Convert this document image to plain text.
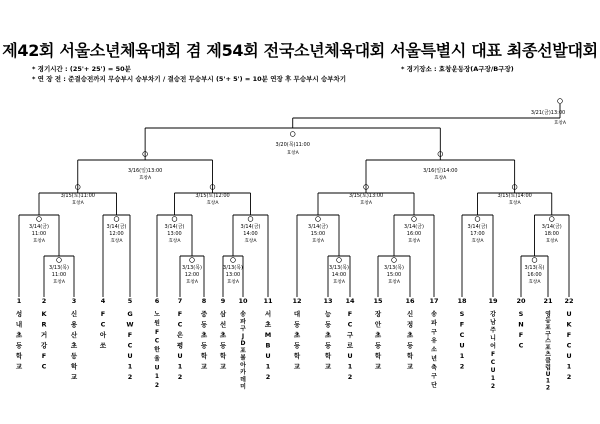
제42회 서울소년체육대회 겸 제54회 전국소년체육대회 서울특별시 대표 최종선발대회
* 경기시간 : (25'+ 25') = 50분	* 경기장소 : 효창운동장(A구장/B구장)
* 연 장 전 : 준결승전까지 무승부시 승부차기 / 결승전 무승부시 (5'+ 5') = 10분 연장 후 무승부시 승부차기
1
성
내
초
등
학
교
2
K
R
거
강
F
C
3
신
용
산
초
등
학
교
4
F
C
아
쏘
5
G
W
F
C
U
1
2
6
노
원
F
C
한
울
U
1
2
7
F
C
은
평
U
1
2
8
중
동
초
등
학
교
9
삼
선
초
등
학
교
10
송
파
구
J
D
포
볼
아
카
데
미
11
서
초
M
B
U
1
2
12
대
동
초
등
학
교
13
능
동
초
등
학
교
14
F
C
구
로
U
1
2
15
장
안
초
등
학
교
16
신
정
초
등
학
교
17
송
파
구
유
소
년
축
구
단
18
S
F
C
U
1
2
19
강
남
주
니
어
F
C
U
1
2
20
S
N
F
C
21
영
등
포
구
스
포
츠
클
럽
U
1
2
22
U
K
F
C
U
1
2
3/13(목)
11:00
효창A
3/13(목)
12:00
효창A
3/13(목)
13:00
효창A
3/13(목)
14:00
효창A
3/13(목)
15:00
효창A
3/13(목)
16:00
효창A
3/14(금)
11:00
효창A
3/14(금)
12:00
효창A
3/14(금)
13:00
효창A
3/14(금)
14:00
효창A
3/14(금)
15:00
효창A
3/14(금)
16:00
효창A
3/14(금)
17:00
효창A
3/14(금)
18:00
효창A
3/15(토)11:00
효창A
3/15(토)12:00
효창A
3/15(토)13:00
효창A
3/15(토)14:00
효창A
3/16(일)13:00
효창A
3/16(일)14:00
효창A
3/20(목)11:00
효창A
3/21(금)13:00
효창A
